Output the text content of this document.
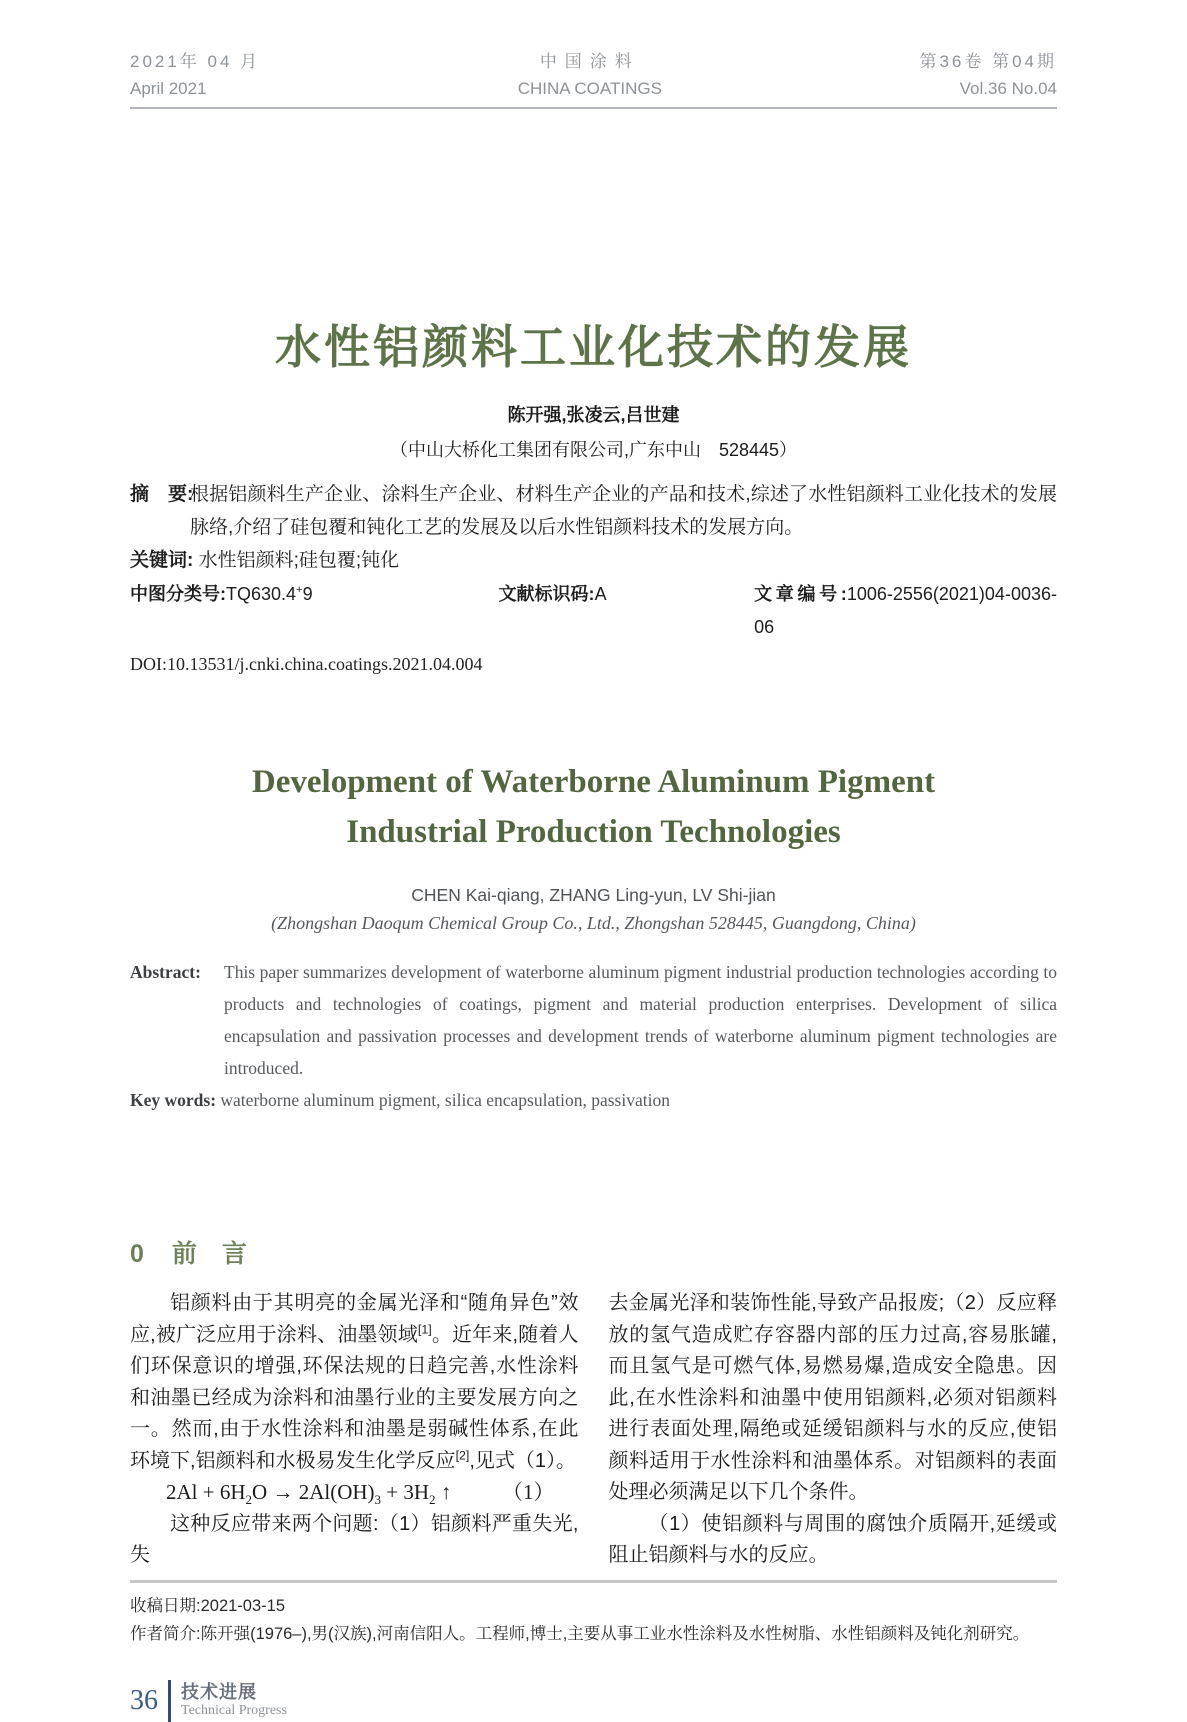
2021年 04 月
April 2021
中国涂料
CHINA COATINGS
第36卷 第04期
Vol.36 No.04
水性铝颜料工业化技术的发展
陈开强,张凌云,吕世建
（中山大桥化工集团有限公司,广东中山　528445）
摘　要:
根据铝颜料生产企业、涂料生产企业、材料生产企业的产品和技术,综述了水性铝颜料工业化技术的发展脉络,介绍了硅包覆和钝化工艺的发展及以后水性铝颜料技术的发展方向。
关键词: 水性铝颜料;硅包覆;钝化
中图分类号:TQ630.4+9	文献标识码:A	文章编号:1006-2556(2021)04-0036-06
DOI:10.13531/j.cnki.china.coatings.2021.04.004
Development of Waterborne Aluminum Pigment
Industrial Production Technologies
CHEN Kai-qiang, ZHANG Ling-yun, LV Shi-jian
(Zhongshan Daoqum Chemical Group Co., Ltd., Zhongshan 528445, Guangdong, China)
Abstract: This paper summarizes development of waterborne aluminum pigment industrial production technologies according to products and technologies of coatings, pigment and material production enterprises. Development of silica encapsulation and passivation processes and development trends of waterborne aluminum pigment technologies are introduced.
Key words: waterborne aluminum pigment, silica encapsulation, passivation
0 前　言

铝颜料由于其明亮的金属光泽和“随角异色”效应,被广泛应用于涂料、油墨领域[1]。近年来,随着人们环保意识的增强,环保法规的日趋完善,水性涂料和油墨已经成为涂料和油墨行业的主要发展方向之一。然而,由于水性涂料和油墨是弱碱性体系,在此环境下,铝颜料和水极易发生化学反应[2],见式（1）。

$2Al + 6H_2O \to 2Al(OH)_3 + 3H_2$ ↑ （1）

这种反应带来两个问题:（1）铝颜料严重失光,失

去金属光泽和装饰性能,导致产品报废;（2）反应释放的氢气造成贮存容器内部的压力过高,容易胀罐,而且氢气是可燃气体,易燃易爆,造成安全隐患。因此,在水性涂料和油墨中使用铝颜料,必须对铝颜料进行表面处理,隔绝或延缓铝颜料与水的反应,使铝颜料适用于水性涂料和油墨体系。对铝颜料的表面处理必须满足以下几个条件。

（1）使铝颜料与周围的腐蚀介质隔开,延缓或阻止铝颜料与水的反应。

收稿日期:2021-03-15
作者简介:陈开强(1976–),男(汉族),河南信阳人。工程师,博士,主要从事工业水性涂料及水性树脂、水性铝颜料及钝化剂研究。
36 技术进展
Technical Progress
